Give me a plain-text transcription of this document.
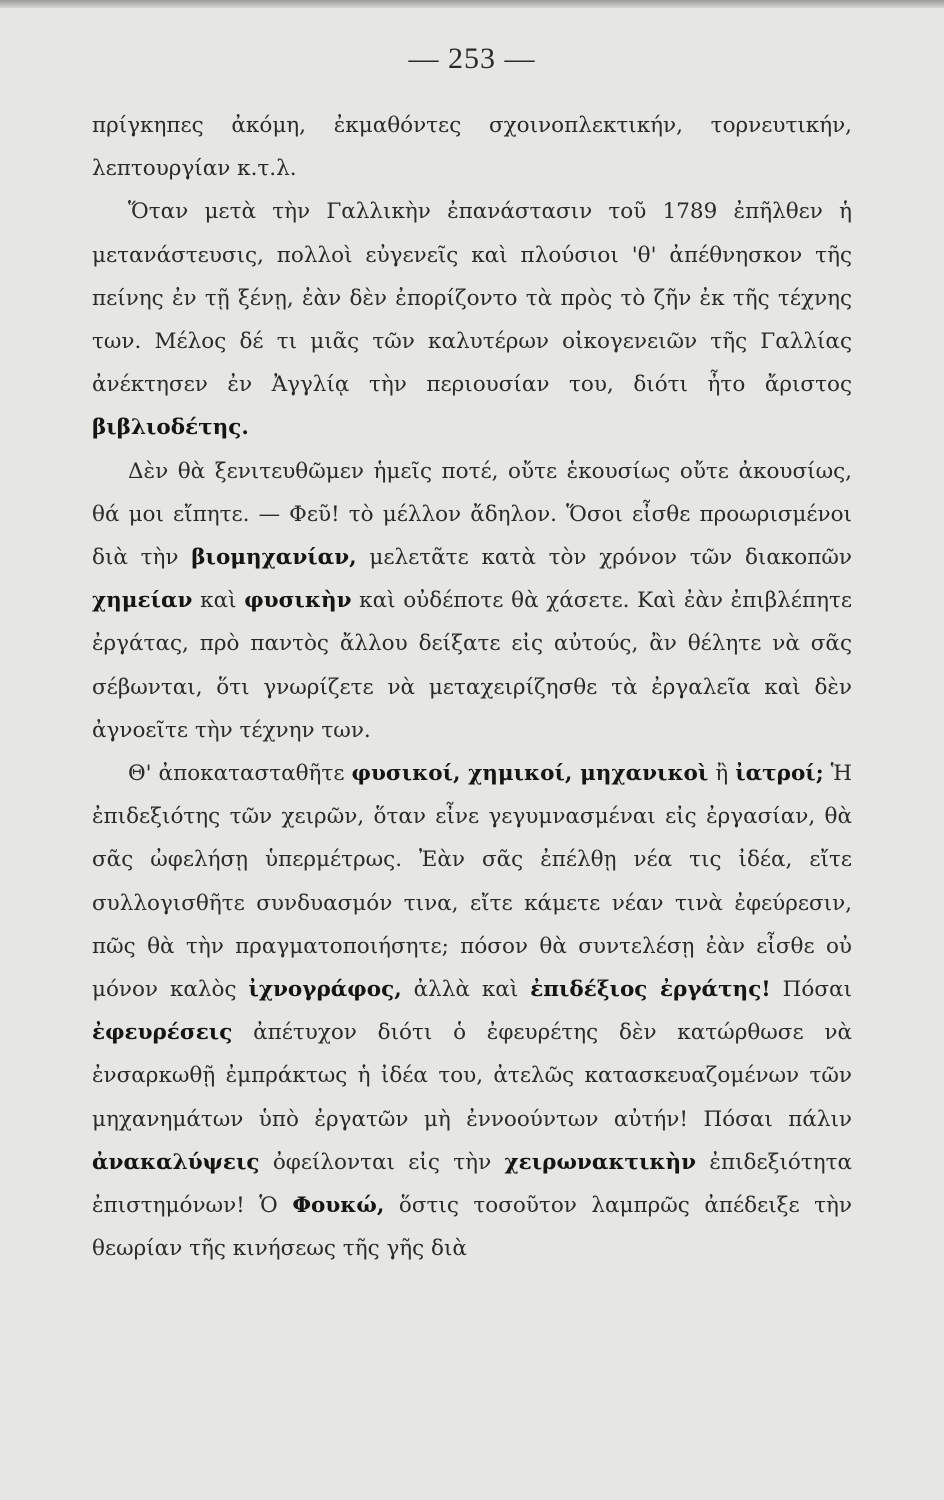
— 253 —

πρίγκηπες ἀκόμη, ἐκμαθόντες σχοινοπλεκτικήν, τορνευτικήν, λεπτουργίαν κ.τ.λ.

Ὅταν μετὰ τὴν Γαλλικὴν ἐπανάστασιν τοῦ 1789 ἐπῆλθεν ἡ μετανάστευσις, πολλοὶ εὐγενεῖς καὶ πλούσιοι 'θ' ἀπέθνησκον τῆς πείνης ἐν τῇ ξένῃ, ἐὰν δὲν ἐπορίζοντο τὰ πρὸς τὸ ζῆν ἐκ τῆς τέχνης των. Μέλος δέ τι μιᾶς τῶν καλυτέρων οἰκογενειῶν τῆς Γαλλίας ἀνέκτησεν ἐν Ἀγγλίᾳ τὴν περιουσίαν του, διότι ἦτο ἄριστος βιβλιοδέτης.

Δὲν θὰ ξενιτευθῶμεν ἡμεῖς ποτέ, οὔτε ἑκουσίως οὔτε ἀκουσίως, θά μοι εἴπητε. — Φεῦ! τὸ μέλλον ἄδηλον. Ὅσοι εἶσθε προωρισμένοι διὰ τὴν βιομηχανίαν, μελετᾶτε κατὰ τὸν χρόνον τῶν διακοπῶν χημείαν καὶ φυσικὴν καὶ οὐδέποτε θὰ χάσετε. Καὶ ἐὰν ἐπιβλέπητε ἐργάτας, πρὸ παντὸς ἄλλου δείξατε εἰς αὐτούς, ἂν θέλητε νὰ σᾶς σέβωνται, ὅτι γνωρίζετε νὰ μεταχειρίζησθε τὰ ἐργαλεῖα καὶ δὲν ἀγνοεῖτε τὴν τέχνην των.

Θ' ἀποκατασταθῆτε φυσικοί, χημικοί, μηχανικοὶ ἢ ἰατροί; Ἡ ἐπιδεξιότης τῶν χειρῶν, ὅταν εἶνε γεγυμνασμέναι εἰς ἐργασίαν, θὰ σᾶς ὠφελήσῃ ὑπερμέτρως. Ἐὰν σᾶς ἐπέλθῃ νέα τις ἰδέα, εἴτε συλλογισθῆτε συνδυασμόν τινα, εἴτε κάμετε νέαν τινὰ ἐφεύρεσιν, πῶς θὰ τὴν πραγματοποιήσητε; πόσον θὰ συντελέσῃ ἐὰν εἶσθε οὐ μόνον καλὸς ἰχνογράφος, ἀλλὰ καὶ ἐπιδέξιος ἐργάτης! Πόσαι ἐφευρέσεις ἀπέτυχον διότι ὁ ἐφευρέτης δὲν κατώρθωσε νὰ ἐνσαρκωθῇ ἐμπράκτως ἡ ἰδέα του, ἀτελῶς κατασκευαζομένων τῶν μηχανημάτων ὑπὸ ἐργατῶν μὴ ἐννοούντων αὐτήν! Πόσαι πάλιν ἀνακαλύψεις ὀφείλονται εἰς τὴν χειρωνακτικὴν ἐπιδεξιότητα ἐπιστημόνων! Ὁ Φουκώ, ὅστις τοσοῦτον λαμπρῶς ἀπέδειξε τὴν θεωρίαν τῆς κινήσεως τῆς γῆς διὰ
